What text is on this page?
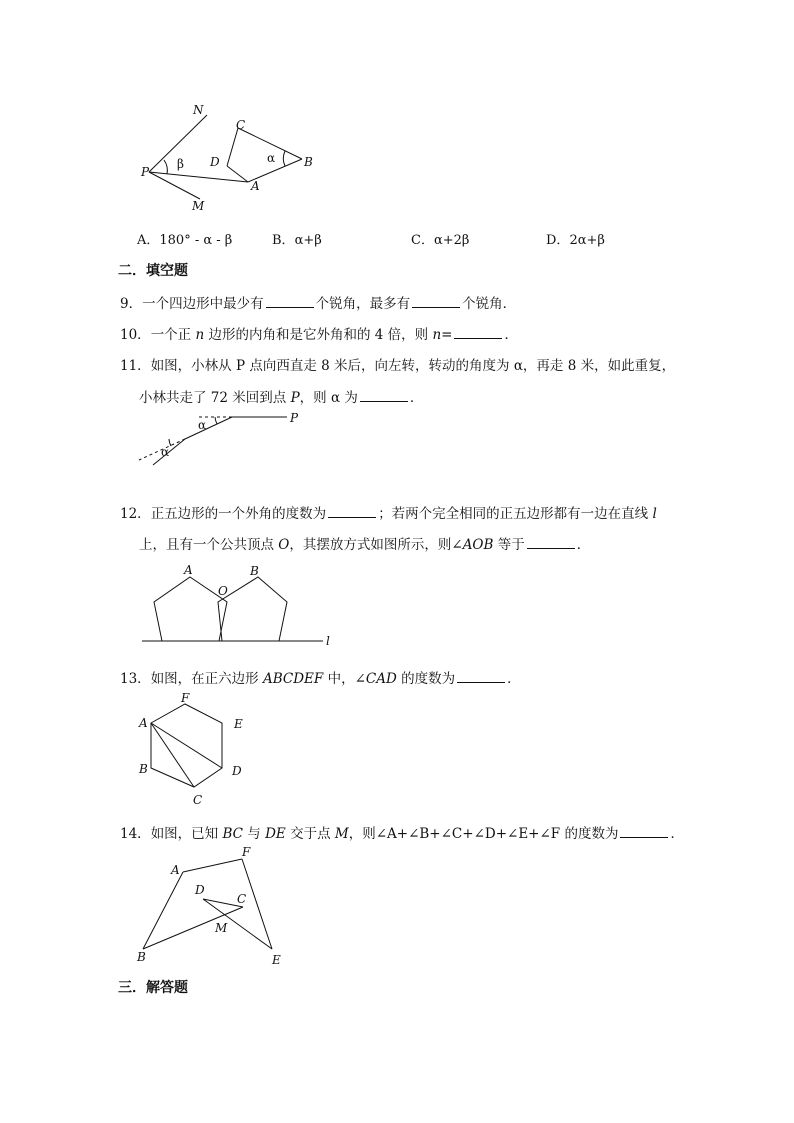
N
C
P
β D	α B
A
M
A．180° - α - β	B．α+β	C．α+2β	D．2α+β
二．填空题
9．一个四边形中最少有	个锐角，最多有	个锐角．
10．一个正 n 边形的内角和是它外角和的 4 倍，则 n=	．
11．如图，小林从 P 点向西直走 8 米后，向左转，转动的角度为 α，再走 8 米，如此重复，
小林共走了 72 米回到点 P，则 α 为	．
α
α
P
12．正五边形的一个外角的度数为	；若两个完全相同的正五边形都有一边在直线 l
上，且有一个公共顶点 O，其摆放方式如图所示，则∠AOB 等于	．
A
O
B
l
13．如图，在正六边形 ABCDEF 中，∠CAD 的度数为	．
F
A	E
B	D
C
14．如图，已知 BC 与 DE 交于点 M，则∠A+∠B+∠C+∠D+∠E+∠F 的度数为	．
A
F
D
C
M
B	E
三．解答题
